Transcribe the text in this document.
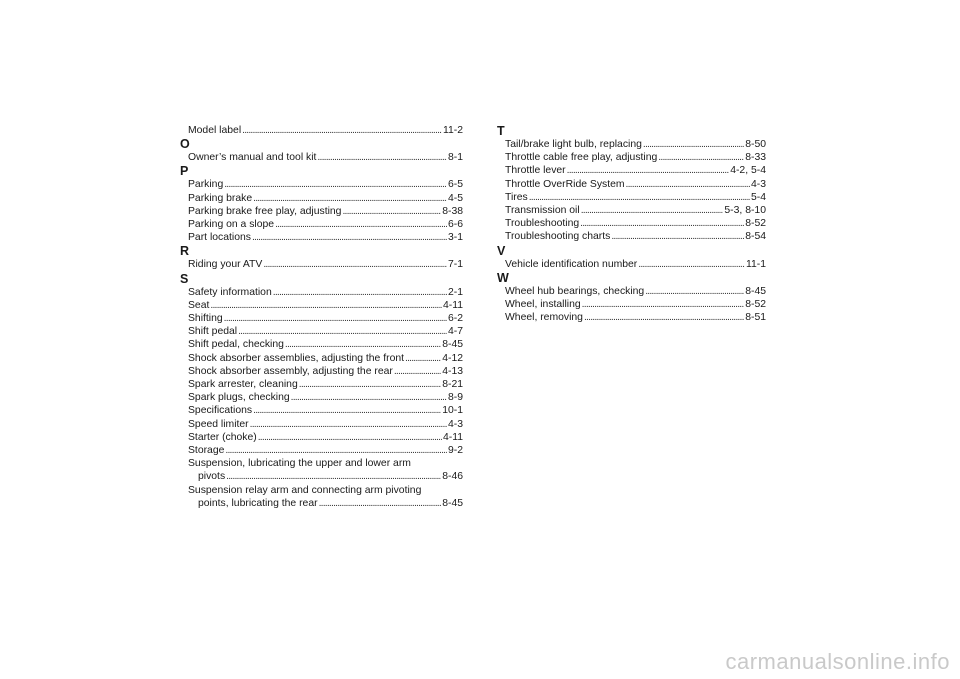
Model label . . .	11-2
O
Owner’s manual and tool kit . . .	8-1
P
Parking . . .	6-5
Parking brake . . .	4-5
Parking brake free play, adjusting . . .	8-38
Parking on a slope . . .	6-6
Part locations . . .	3-1
R
Riding your ATV . . .	7-1
S
Safety information . . .	2-1
Seat . . .	4-11
Shifting . . .	6-2
Shift pedal . . .	4-7
Shift pedal, checking . . .	8-45
Shock absorber assemblies, adjusting the front . . .	4-12
Shock absorber assembly, adjusting the rear . . .	4-13
Spark arrester, cleaning . . .	8-21
Spark plugs, checking . . .	8-9
Specifications . . .	10-1
Speed limiter . . .	4-3
Starter (choke) . . .	4-11
Storage . . .	9-2
Suspension, lubricating the upper and lower arm
pivots . . .	8-46
Suspension relay arm and connecting arm pivoting
points, lubricating the rear . . .	8-45
T
Tail/brake light bulb, replacing . . .	8-50
Throttle cable free play, adjusting . . .	8-33
Throttle lever . . .	4-2, 5-4
Throttle OverRide System . . .	4-3
Tires . . .	5-4
Transmission oil . . .	5-3, 8-10
Troubleshooting . . .	8-52
Troubleshooting charts . . .	8-54
V
Vehicle identification number . . .	11-1
W
Wheel hub bearings, checking . . .	8-45
Wheel, installing . . .	8-52
Wheel, removing . . .	8-51
carmanualsonline.info
